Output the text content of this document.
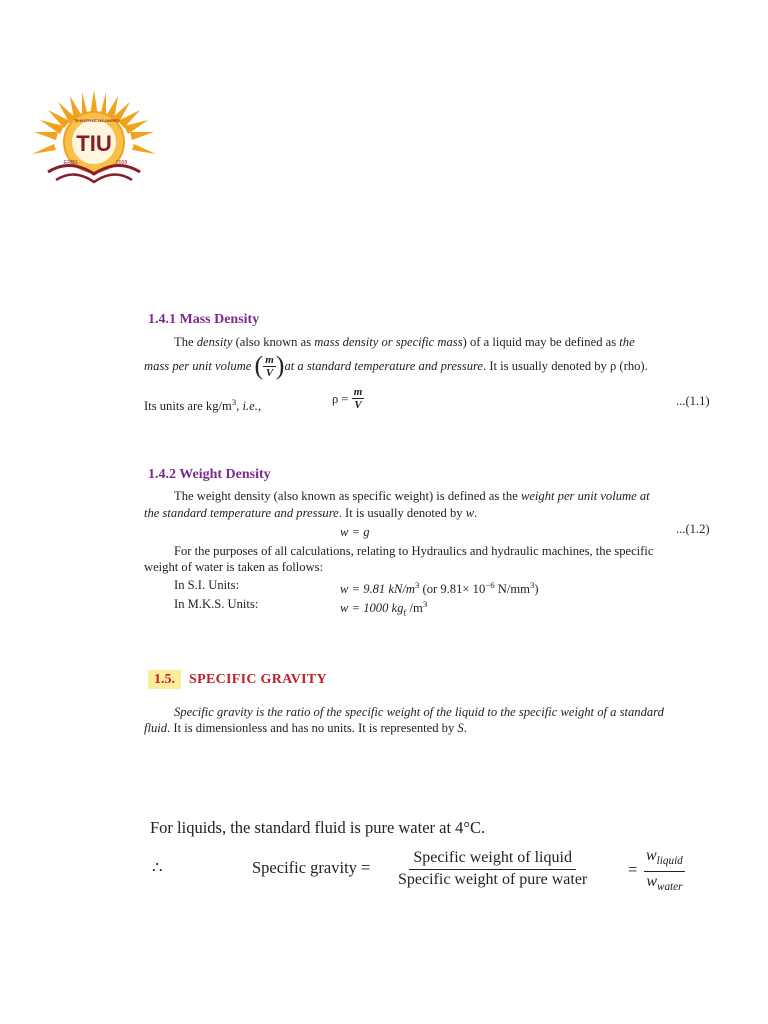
TIU
ERBIL	2008
TISHK INTERNATIONAL UNIVERSITY
1.4.1 Mass Density
The density (also known as mass density or specific mass) of a liquid may be defined as the
mass per unit volume
( $\frac{m}{V}$ ) at a standard temperature and pressure . It is usually denoted by ρ (rho).
Its units are $kg/m^3$, i.e.,
ρ =
$\frac{m}{V}$	...(1.1)
1.4.2 Weight Density
The weight density (also known as specific weight) is defined as the weight per unit volume at
the standard temperature and pressure. It is usually denoted by w.
w = g	...(1.2)
For the purposes of all calculations, relating to Hydraulics and hydraulic machines, the specific
weight of water is taken as follows:
In S.I. Units:	w = 9.81 $kN/m^3$ (or $9.81\times 10^{-6}$ $N/mm^3$)
In M.K.S. Units:	w = 1000 $kg_f$ $/m^3$
1.5. SPECIFIC GRAVITY
Specific gravity is the ratio of the specific weight of the liquid to the specific weight of a standard
fluid. It is dimensionless and has no units. It is represented by S.
For liquids, the standard fluid is pure water at 4°C.
∴	Specific gravity =
Specific weight of liquid
Specific weight of pure water
=
$w_{liquid}$
$w_{water}$
